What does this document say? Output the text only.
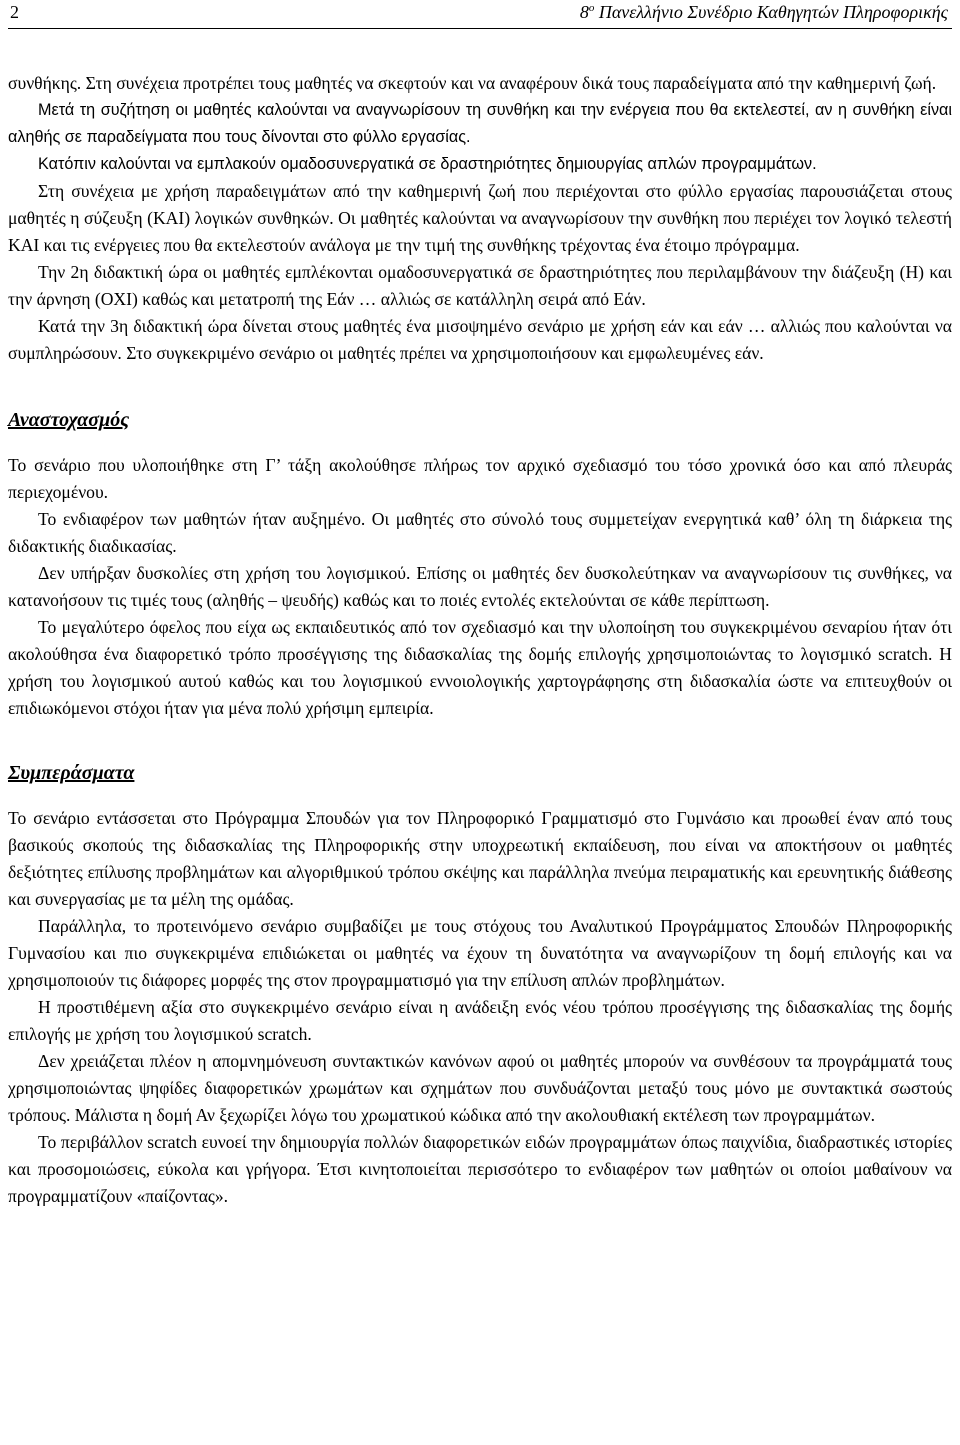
2	$8^o$ Πανελλήνιο Συνέδριο Καθηγητών Πληροφορικής

συνθήκης. Στη συνέχεια προτρέπει τους μαθητές να σκεφτούν και να αναφέρουν δικά τους παραδείγματα από την καθημερινή ζωή.

Μετά τη συζήτηση οι μαθητές καλούνται να αναγνωρίσουν τη συνθήκη και την ενέργεια που θα εκτελεστεί, αν η συνθήκη είναι αληθής σε παραδείγματα που τους δίνονται στο φύλλο εργασίας.

Κατόπιν καλούνται να εμπλακούν ομαδοσυνεργατικά σε δραστηριότητες δημιουργίας απλών προγραμμάτων.

Στη συνέχεια με χρήση παραδειγμάτων από την καθημερινή ζωή που περιέχονται στο φύλλο εργασίας παρουσιάζεται στους μαθητές η σύζευξη (ΚΑΙ) λογικών συνθηκών. Οι μαθητές καλούνται να αναγνωρίσουν την συνθήκη που περιέχει τον λογικό τελεστή ΚΑΙ και τις ενέργειες που θα εκτελεστούν ανάλογα με την τιμή της συνθήκης τρέχοντας ένα έτοιμο πρόγραμμα.

Την 2η διδακτική ώρα οι μαθητές εμπλέκονται ομαδοσυνεργατικά σε δραστηριότητες που περιλαμβάνουν την διάζευξη (Η) και την άρνηση (ΟΧΙ) καθώς και μετατροπή της Εάν … αλλιώς σε κατάλληλη σειρά από Εάν.

Κατά την 3η διδακτική ώρα δίνεται στους μαθητές ένα μισοψημένο σενάριο με χρήση εάν και εάν … αλλιώς που καλούνται να συμπληρώσουν. Στο συγκεκριμένο σενάριο οι μαθητές πρέπει να χρησιμοποιήσουν και εμφωλευμένες εάν.

Αναστοχασμός

Το σενάριο που υλοποιήθηκε στη Γ’ τάξη ακολούθησε πλήρως τον αρχικό σχεδιασμό του τόσο χρονικά όσο και από πλευράς περιεχομένου.

Το ενδιαφέρον των μαθητών ήταν αυξημένο. Οι μαθητές στο σύνολό τους συμμετείχαν ενεργητικά καθ’ όλη τη διάρκεια της διδακτικής διαδικασίας.

Δεν υπήρξαν δυσκολίες στη χρήση του λογισμικού. Επίσης οι μαθητές δεν δυσκολεύτηκαν να αναγνωρίσουν τις συνθήκες, να κατανοήσουν τις τιμές τους (αληθής – ψευδής) καθώς και το ποιές εντολές εκτελούνται σε κάθε περίπτωση.

Το μεγαλύτερο όφελος που είχα ως εκπαιδευτικός από τον σχεδιασμό και την υλοποίηση του συγκεκριμένου σεναρίου ήταν ότι ακολούθησα ένα διαφορετικό τρόπο προσέγγισης της διδασκαλίας της δομής επιλογής χρησιμοποιώντας το λογισμικό scratch. Η χρήση του λογισμικού αυτού καθώς και του λογισμικού εννοιολογικής χαρτογράφησης στη διδασκαλία ώστε να επιτευχθούν οι επιδιωκόμενοι στόχοι ήταν για μένα πολύ χρήσιμη εμπειρία.

Συμπεράσματα

Το σενάριο εντάσσεται στο Πρόγραμμα Σπουδών για τον Πληροφορικό Γραμματισμό στο Γυμνάσιο και προωθεί έναν από τους βασικούς σκοπούς της διδασκαλίας της Πληροφορικής στην υποχρεωτική εκπαίδευση, που είναι να αποκτήσουν οι μαθητές δεξιότητες επίλυσης προβλημάτων και αλγοριθμικού τρόπου σκέψης και παράλληλα πνεύμα πειραματικής και ερευνητικής διάθεσης και συνεργασίας με τα μέλη της ομάδας.

Παράλληλα, το προτεινόμενο σενάριο συμβαδίζει με τους στόχους του Αναλυτικού Προγράμματος Σπουδών Πληροφορικής Γυμνασίου και πιο συγκεκριμένα επιδιώκεται οι μαθητές να έχουν τη δυνατότητα να αναγνωρίζουν τη δομή επιλογής και να χρησιμοποιούν τις διάφορες μορφές της στον προγραμματισμό για την επίλυση απλών προβλημάτων.

Η προστιθέμενη αξία στο συγκεκριμένο σενάριο είναι η ανάδειξη ενός νέου τρόπου προσέγγισης της διδασκαλίας της δομής επιλογής με χρήση του λογισμικού scratch.

Δεν χρειάζεται πλέον η απομνημόνευση συντακτικών κανόνων αφού οι μαθητές μπορούν να συνθέσουν τα προγράμματά τους χρησιμοποιώντας ψηφίδες διαφορετικών χρωμάτων και σχημάτων που συνδυάζονται μεταξύ τους μόνο με συντακτικά σωστούς τρόπους. Μάλιστα η δομή Αν ξεχωρίζει λόγω του χρωματικού κώδικα από την ακολουθιακή εκτέλεση των προγραμμάτων.

Το περιβάλλον scratch ευνοεί την δημιουργία πολλών διαφορετικών ειδών προγραμμάτων όπως παιχνίδια, διαδραστικές ιστορίες και προσομοιώσεις, εύκολα και γρήγορα. Έτσι κινητοποιείται περισσότερο το ενδιαφέρον των μαθητών οι οποίοι μαθαίνουν να προγραμματίζουν «παίζοντας».
